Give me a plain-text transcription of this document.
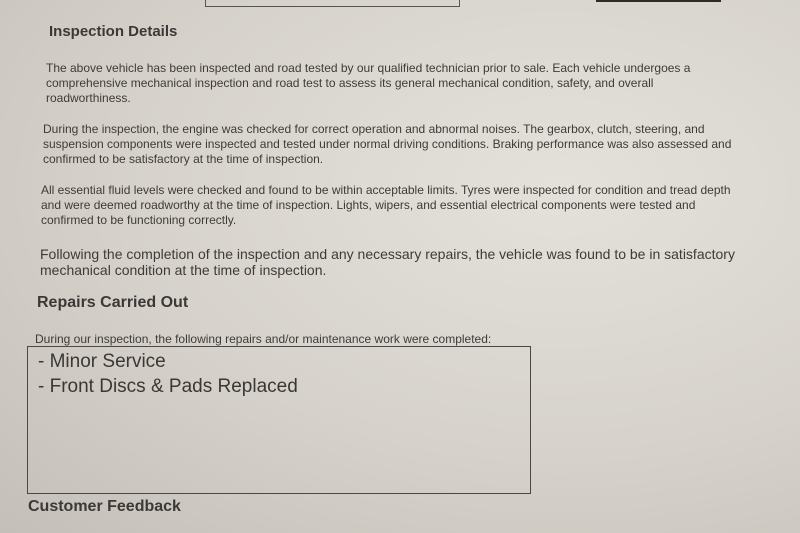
Inspection Details

The above vehicle has been inspected and road tested by our qualified technician prior to sale. Each vehicle undergoes a comprehensive mechanical inspection and road test to assess its general mechanical condition, safety, and overall roadworthiness.

During the inspection, the engine was checked for correct operation and abnormal noises. The gearbox, clutch, steering, and suspension components were inspected and tested under normal driving conditions. Braking performance was also assessed and confirmed to be satisfactory at the time of inspection.

All essential fluid levels were checked and found to be within acceptable limits. Tyres were inspected for condition and tread depth and were deemed roadworthy at the time of inspection. Lights, wipers, and essential electrical components were tested and confirmed to be functioning correctly.

Following the completion of the inspection and any necessary repairs, the vehicle was found to be in satisfactory mechanical condition at the time of inspection.

Repairs Carried Out

During our inspection, the following repairs and/or maintenance work were completed:

- Minor Service
- Front Discs & Pads Replaced
Customer Feedback
